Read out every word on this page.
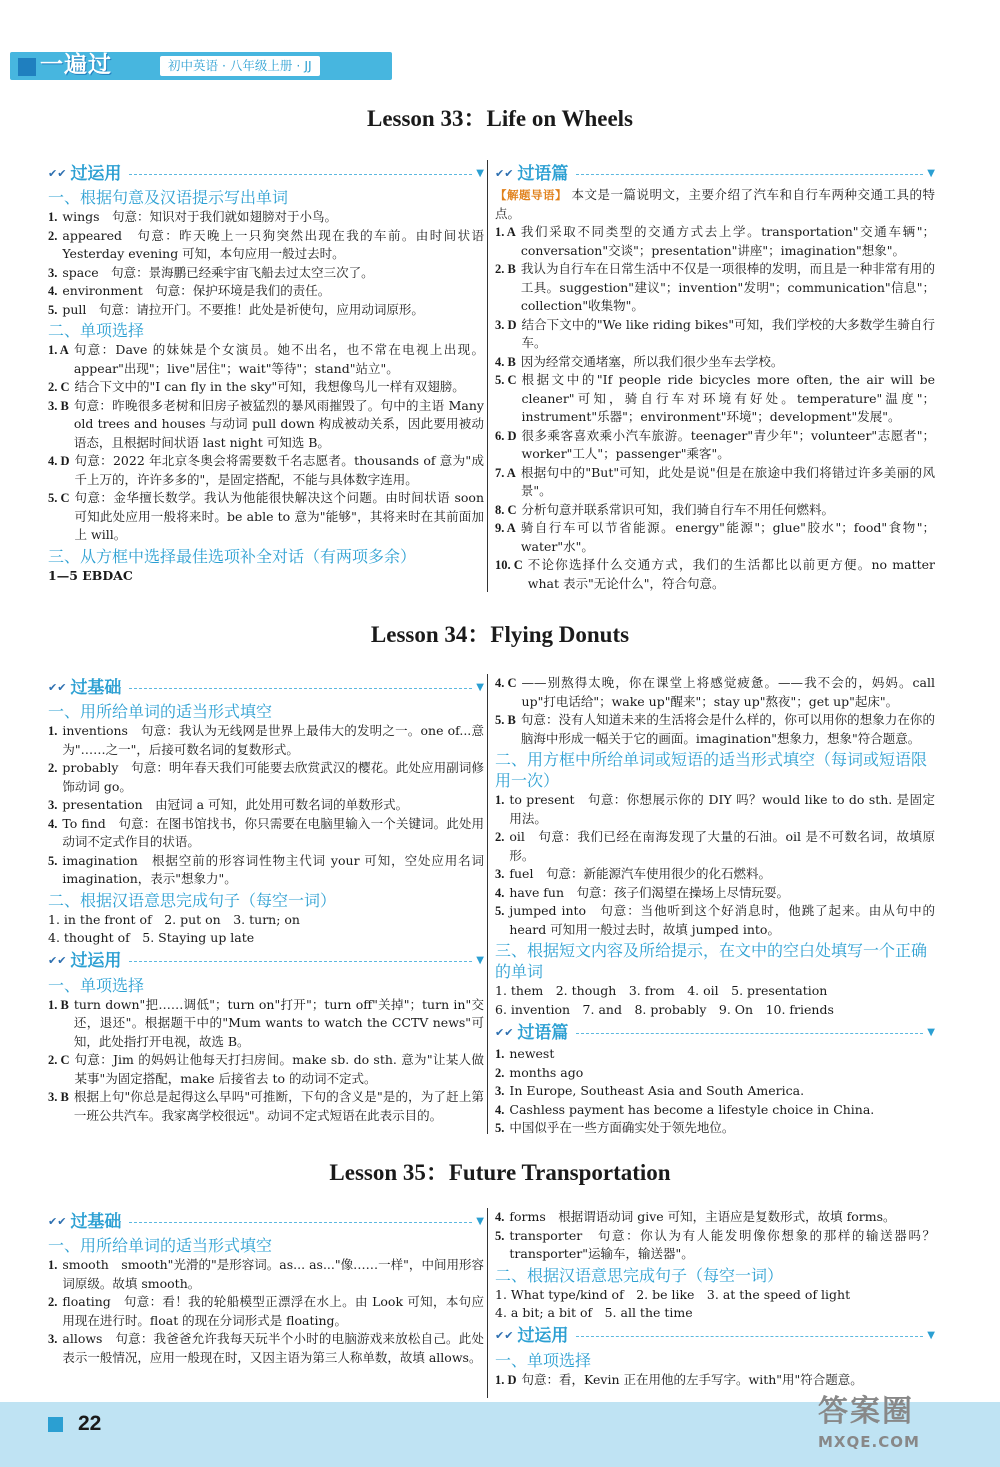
一遍过	初中英语 · 八年级上册 · JJ
Lesson 33：Life on Wheels
✔✔ 过运用	▼
一、根据句意及汉语提示写出单词
1. wings　句意：知识对于我们就如翅膀对于小鸟。
2. appeared　句意：昨天晚上一只狗突然出现在我的车前。由时间状语 Yesterday evening 可知，本句应用一般过去时。
3. space　句意：景海鹏已经乘宇宙飞船去过太空三次了。
4. environment　句意：保护环境是我们的责任。
5. pull　句意：请拉开门。不要推！此处是祈使句，应用动词原形。
二、单项选择
1. A 句意：Dave 的妹妹是个女演员。她不出名，也不常在电视上出现。appear"出现"；live"居住"；wait"等待"；stand"站立"。
2. C 结合下文中的"I can fly in the sky"可知，我想像鸟儿一样有双翅膀。
3. B 句意：昨晚很多老树和旧房子被猛烈的暴风雨摧毁了。句中的主语 Many old trees and houses 与动词 pull down 构成被动关系，因此要用被动语态，且根据时间状语 last night 可知选 B。
4. D 句意：2022 年北京冬奥会将需要数千名志愿者。thousands of 意为"成千上万的，许许多多的"，是固定搭配，不能与具体数字连用。
5. C 句意：金华擅长数学。我认为他能很快解决这个问题。由时间状语 soon 可知此处应用一般将来时。be able to 意为"能够"，其将来时在其前面加上 will。
三、从方框中选择最佳选项补全对话（有两项多余）
1—5 EBDAC
✔✔ 过语篇	▼
【解题导语】 本文是一篇说明文，主要介绍了汽车和自行车两种交通工具的特点。
1. A 我们采取不同类型的交通方式去上学。transportation"交通车辆"；conversation"交谈"；presentation"讲座"；imagination"想象"。
2. B 我认为自行车在日常生活中不仅是一项很棒的发明，而且是一种非常有用的工具。suggestion"建议"；invention"发明"；communication"信息"；collection"收集物"。
3. D 结合下文中的"We like riding bikes"可知，我们学校的大多数学生骑自行车。
4. B 因为经常交通堵塞，所以我们很少坐车去学校。
5. C 根据文中的"If people ride bicycles more often, the air will be cleaner"可知，骑自行车对环境有好处。temperature"温度"；instrument"乐器"；environment"环境"；development"发展"。
6. D 很多乘客喜欢乘小汽车旅游。teenager"青少年"；volunteer"志愿者"；worker"工人"；passenger"乘客"。
7. A 根据句中的"But"可知，此处是说"但是在旅途中我们将错过许多美丽的风景"。
8. C 分析句意并联系常识可知，我们骑自行车不用任何燃料。
9. A 骑自行车可以节省能源。energy"能源"；glue"胶水"；food"食物"；water"水"。
10. C 不论你选择什么交通方式，我们的生活都比以前更方便。no matter what 表示"无论什么"，符合句意。
Lesson 34：Flying Donuts
✔✔ 过基础	▼
一、用所给单词的适当形式填空
1. inventions　句意：我认为无线网是世界上最伟大的发明之一。one of...意为"……之一"，后接可数名词的复数形式。
2. probably　句意：明年春天我们可能要去欣赏武汉的樱花。此处应用副词修饰动词 go。
3. presentation　由冠词 a 可知，此处用可数名词的单数形式。
4. To find　句意：在图书馆找书，你只需要在电脑里输入一个关键词。此处用动词不定式作目的状语。
5. imagination　根据空前的形容词性物主代词 your 可知，空处应用名词 imagination，表示"想象力"。
二、根据汉语意思完成句子（每空一词）
1. in the front of　2. put on　3. turn; on
4. thought of　5. Staying up late
✔✔ 过运用	▼
一、单项选择
1. B turn down"把……调低"；turn on"打开"；turn off"关掉"；turn in"交还，退还"。根据题干中的"Mum wants to watch the CCTV news"可知，此处指打开电视，故选 B。
2. C 句意：Jim 的妈妈让他每天打扫房间。make sb. do sth. 意为"让某人做某事"为固定搭配，make 后接省去 to 的动词不定式。
3. B 根据上句"你总是起得这么早吗"可推断，下句的含义是"是的，为了赶上第一班公共汽车。我家离学校很远"。动词不定式短语在此表示目的。
4. C ——别熬得太晚，你在课堂上将感觉疲惫。——我不会的，妈妈。call up"打电话给"；wake up"醒来"；stay up"熬夜"；get up"起床"。
5. B 句意：没有人知道未来的生活将会是什么样的，你可以用你的想象力在你的脑海中形成一幅关于它的画面。imagination"想象力，想象"符合题意。
二、用方框中所给单词或短语的适当形式填空（每词或短语限用一次）
1. to present　句意：你想展示你的 DIY 吗？would like to do sth. 是固定用法。
2. oil　句意：我们已经在南海发现了大量的石油。oil 是不可数名词，故填原形。
3. fuel　句意：新能源汽车使用很少的化石燃料。
4. have fun　句意：孩子们渴望在操场上尽情玩耍。
5. jumped into　句意：当他听到这个好消息时，他跳了起来。由从句中的 heard 可知用一般过去时，故填 jumped into。
三、根据短文内容及所给提示，在文中的空白处填写一个正确的单词
1. them　2. though　3. from　4. oil　5. presentation
6. invention　7. and　8. probably　9. On　10. friends
✔✔ 过语篇	▼
1. newest
2. months ago
3. In Europe, Southeast Asia and South America.
4. Cashless payment has become a lifestyle choice in China.
5. 中国似乎在一些方面确实处于领先地位。
Lesson 35：Future Transportation
✔✔ 过基础	▼
一、用所给单词的适当形式填空
1. smooth　smooth"光滑的"是形容词。as... as..."像……一样"，中间用形容词原级。故填 smooth。
2. floating　句意：看！我的轮船模型正漂浮在水上。由 Look 可知，本句应用现在进行时。float 的现在分词形式是 floating。
3. allows　句意：我爸爸允许我每天玩半个小时的电脑游戏来放松自己。此处表示一般情况，应用一般现在时，又因主语为第三人称单数，故填 allows。
4. forms　根据谓语动词 give 可知，主语应是复数形式，故填 forms。
5. transporter　句意：你认为有人能发明像你想象的那样的输送器吗？transporter"运输车，输送器"。
二、根据汉语意思完成句子（每空一词）
1. What type/kind of　2. be like　3. at the speed of light
4. a bit; a bit of　5. all the time
✔✔ 过运用	▼
一、单项选择
1. D 句意：看，Kevin 正在用他的左手写字。with"用"符合题意。
22	答案圈
MXQE.COM
